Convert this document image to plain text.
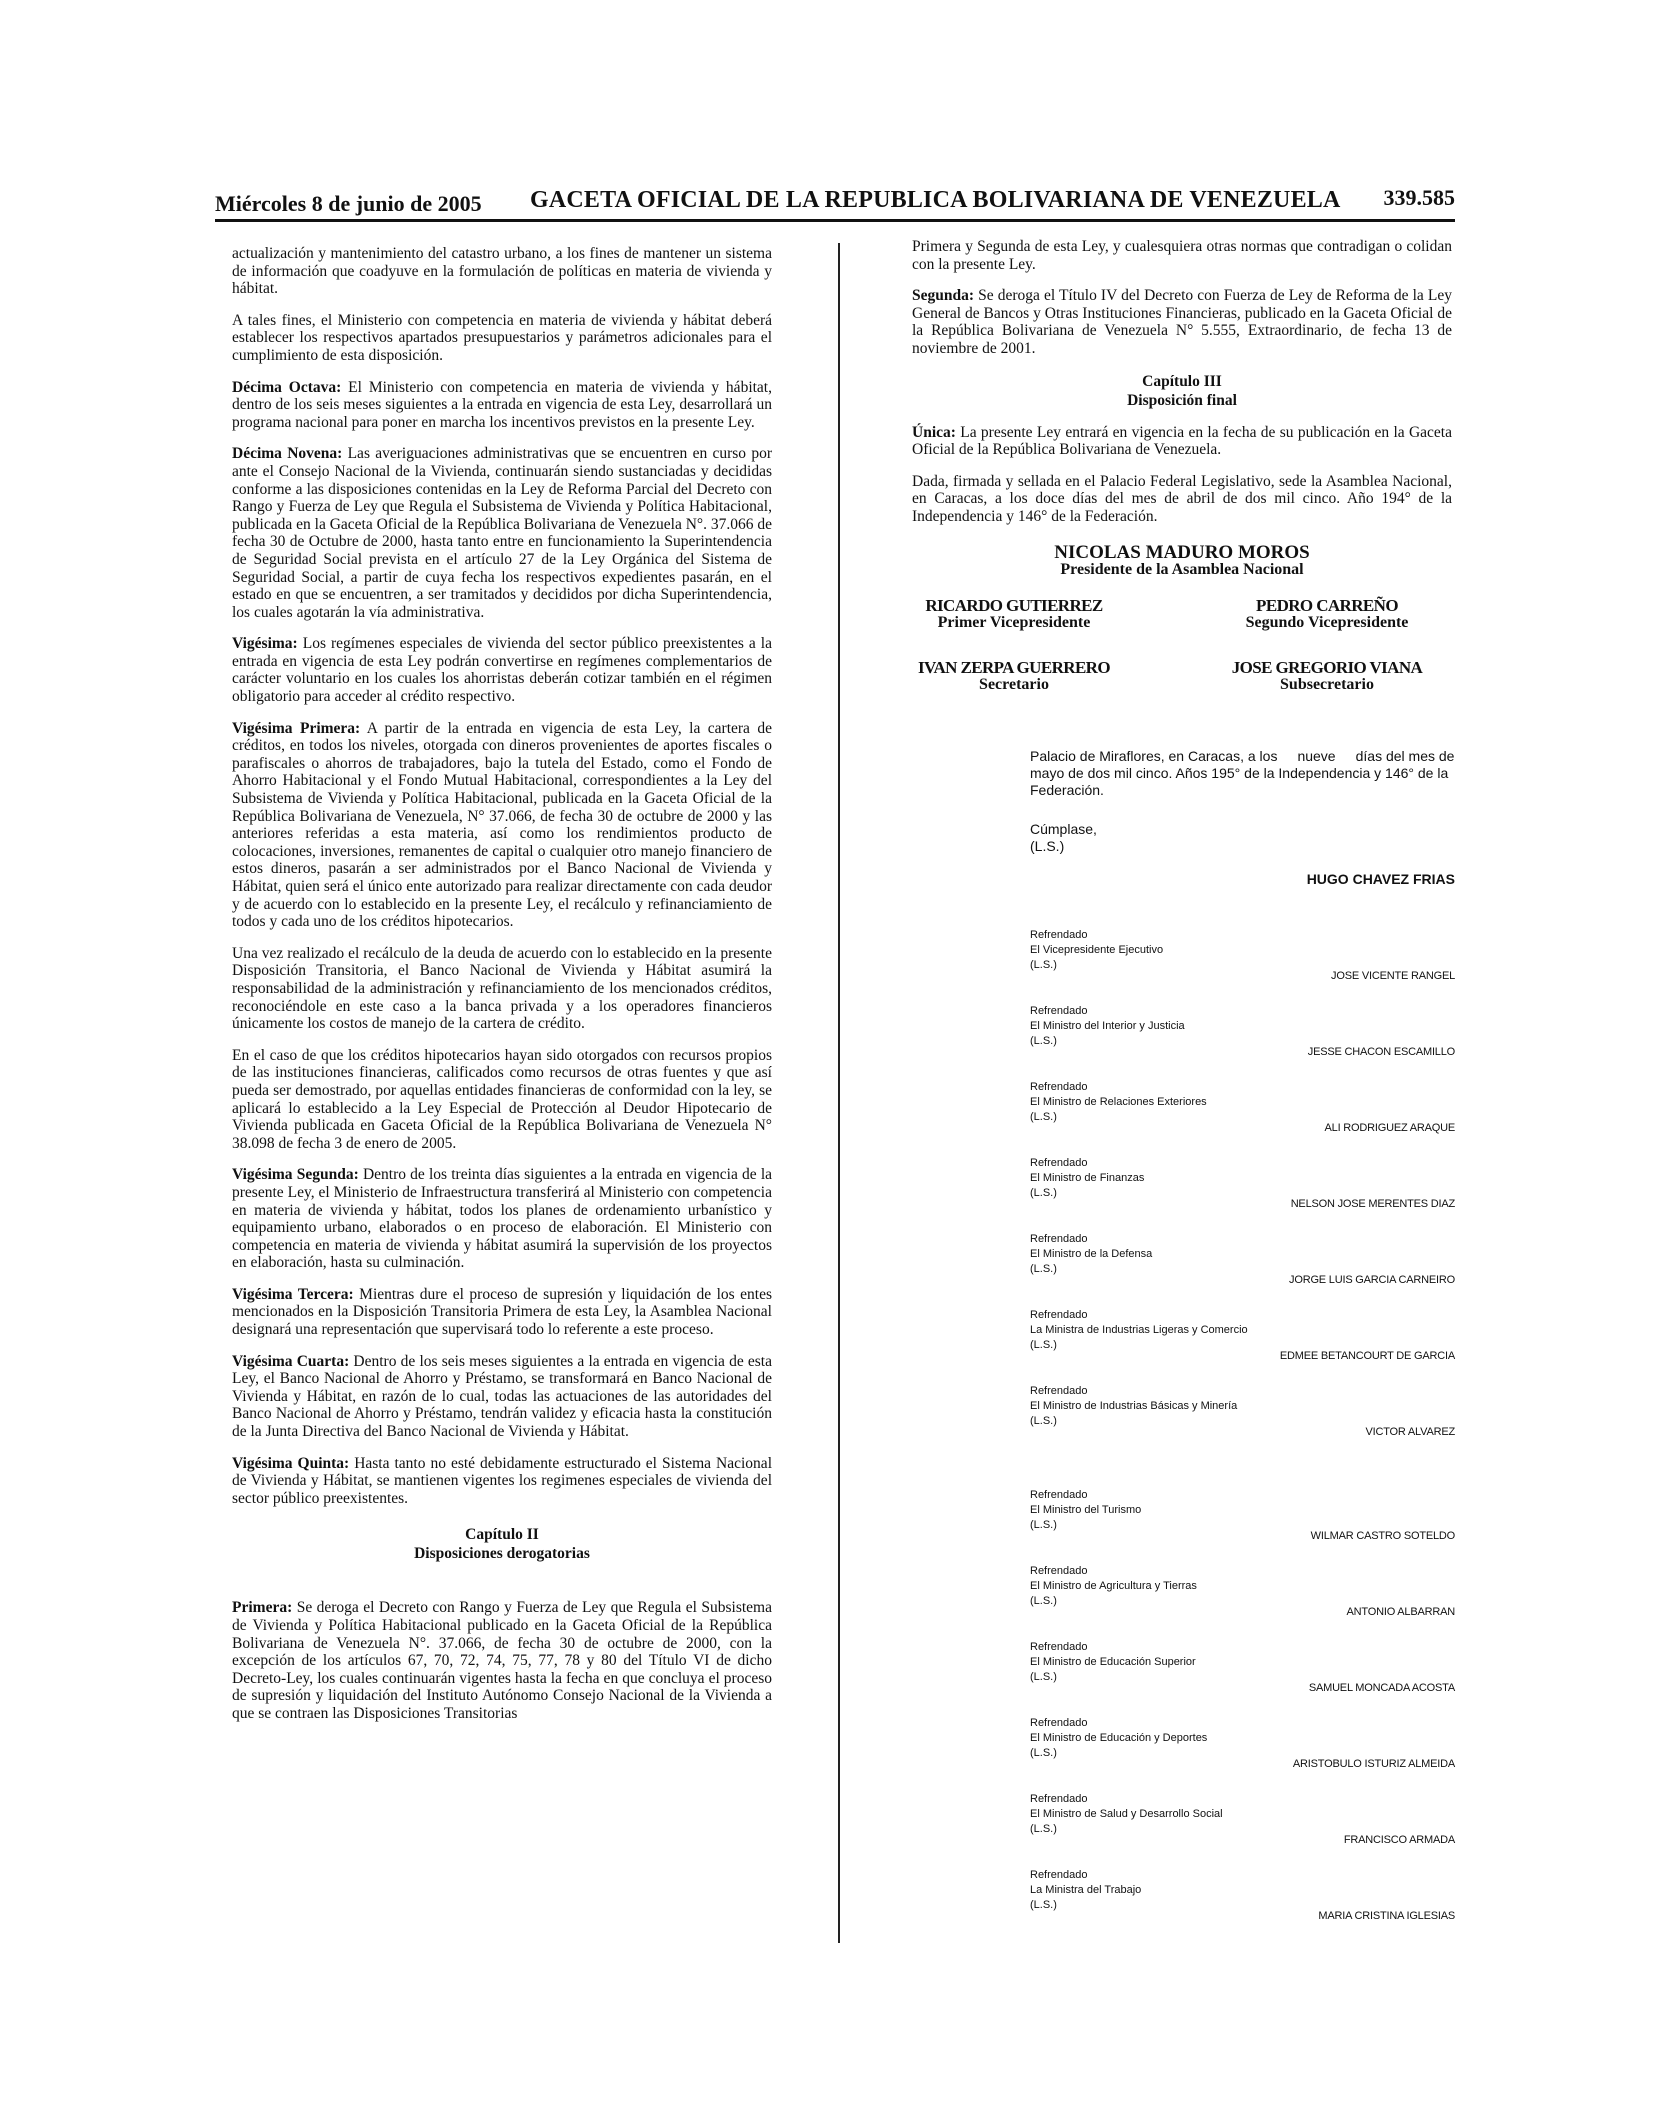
Miércoles 8 de junio de 2005 GACETA OFICIAL DE LA REPUBLICA BOLIVARIANA DE VENEZUELA 339.585

actualización y mantenimiento del catastro urbano, a los fines de mantener un sistema de información que coadyuve en la formulación de políticas en materia de vivienda y hábitat.

A tales fines, el Ministerio con competencia en materia de vivienda y hábitat deberá establecer los respectivos apartados presupuestarios y parámetros adicionales para el cumplimiento de esta disposición.

Décima Octava: El Ministerio con competencia en materia de vivienda y hábitat, dentro de los seis meses siguientes a la entrada en vigencia de esta Ley, desarrollará un programa nacional para poner en marcha los incentivos previstos en la presente Ley.

Décima Novena: Las averiguaciones administrativas que se encuentren en curso por ante el Consejo Nacional de la Vivienda, continuarán siendo sustanciadas y decididas conforme a las disposiciones contenidas en la Ley de Reforma Parcial del Decreto con Rango y Fuerza de Ley que Regula el Subsistema de Vivienda y Política Habitacional, publicada en la Gaceta Oficial de la República Bolivariana de Venezuela N°. 37.066 de fecha 30 de Octubre de 2000, hasta tanto entre en funcionamiento la Superintendencia de Seguridad Social prevista en el artículo 27 de la Ley Orgánica del Sistema de Seguridad Social, a partir de cuya fecha los respectivos expedientes pasarán, en el estado en que se encuentren, a ser tramitados y decididos por dicha Superintendencia, los cuales agotarán la vía administrativa.

Vigésima: Los regímenes especiales de vivienda del sector público preexistentes a la entrada en vigencia de esta Ley podrán convertirse en regímenes complementarios de carácter voluntario en los cuales los ahorristas deberán cotizar también en el régimen obligatorio para acceder al crédito respectivo.

Vigésima Primera: A partir de la entrada en vigencia de esta Ley, la cartera de créditos, en todos los niveles, otorgada con dineros provenientes de aportes fiscales o parafiscales o ahorros de trabajadores, bajo la tutela del Estado, como el Fondo de Ahorro Habitacional y el Fondo Mutual Habitacional, correspondientes a la Ley del Subsistema de Vivienda y Política Habitacional, publicada en la Gaceta Oficial de la República Bolivariana de Venezuela, N° 37.066, de fecha 30 de octubre de 2000 y las anteriores referidas a esta materia, así como los rendimientos producto de colocaciones, inversiones, remanentes de capital o cualquier otro manejo financiero de estos dineros, pasarán a ser administrados por el Banco Nacional de Vivienda y Hábitat, quien será el único ente autorizado para realizar directamente con cada deudor y de acuerdo con lo establecido en la presente Ley, el recálculo y refinanciamiento de todos y cada uno de los créditos hipotecarios.

Una vez realizado el recálculo de la deuda de acuerdo con lo establecido en la presente Disposición Transitoria, el Banco Nacional de Vivienda y Hábitat asumirá la responsabilidad de la administración y refinanciamiento de los mencionados créditos, reconociéndole en este caso a la banca privada y a los operadores financieros únicamente los costos de manejo de la cartera de crédito.

En el caso de que los créditos hipotecarios hayan sido otorgados con recursos propios de las instituciones financieras, calificados como recursos de otras fuentes y que así pueda ser demostrado, por aquellas entidades financieras de conformidad con la ley, se aplicará lo establecido a la Ley Especial de Protección al Deudor Hipotecario de Vivienda publicada en Gaceta Oficial de la República Bolivariana de Venezuela N° 38.098 de fecha 3 de enero de 2005.

Vigésima Segunda: Dentro de los treinta días siguientes a la entrada en vigencia de la presente Ley, el Ministerio de Infraestructura transferirá al Ministerio con competencia en materia de vivienda y hábitat, todos los planes de ordenamiento urbanístico y equipamiento urbano, elaborados o en proceso de elaboración. El Ministerio con competencia en materia de vivienda y hábitat asumirá la supervisión de los proyectos en elaboración, hasta su culminación.

Vigésima Tercera: Mientras dure el proceso de supresión y liquidación de los entes mencionados en la Disposición Transitoria Primera de esta Ley, la Asamblea Nacional designará una representación que supervisará todo lo referente a este proceso.

Vigésima Cuarta: Dentro de los seis meses siguientes a la entrada en vigencia de esta Ley, el Banco Nacional de Ahorro y Préstamo, se transformará en Banco Nacional de Vivienda y Hábitat, en razón de lo cual, todas las actuaciones de las autoridades del Banco Nacional de Ahorro y Préstamo, tendrán validez y eficacia hasta la constitución de la Junta Directiva del Banco Nacional de Vivienda y Hábitat.

Vigésima Quinta: Hasta tanto no esté debidamente estructurado el Sistema Nacional de Vivienda y Hábitat, se mantienen vigentes los regimenes especiales de vivienda del sector público preexistentes.

Capítulo II

Disposiciones derogatorias

Primera: Se deroga el Decreto con Rango y Fuerza de Ley que Regula el Subsistema de Vivienda y Política Habitacional publicado en la Gaceta Oficial de la República Bolivariana de Venezuela N°. 37.066, de fecha 30 de octubre de 2000, con la excepción de los artículos 67, 70, 72, 74, 75, 77, 78 y 80 del Título VI de dicho Decreto-Ley, los cuales continuarán vigentes hasta la fecha en que concluya el proceso de supresión y liquidación del Instituto Autónomo Consejo Nacional de la Vivienda a que se contraen las Disposiciones Transitorias

Primera y Segunda de esta Ley, y cualesquiera otras normas que contradigan o colidan con la presente Ley.

Segunda: Se deroga el Título IV del Decreto con Fuerza de Ley de Reforma de la Ley General de Bancos y Otras Instituciones Financieras, publicado en la Gaceta Oficial de la República Bolivariana de Venezuela N° 5.555, Extraordinario, de fecha 13 de noviembre de 2001.

Capítulo III

Disposición final

Única: La presente Ley entrará en vigencia en la fecha de su publicación en la Gaceta Oficial de la República Bolivariana de Venezuela.

Dada, firmada y sellada en el Palacio Federal Legislativo, sede la Asamblea Nacional, en Caracas, a los doce días del mes de abril de dos mil cinco. Año 194° de la Independencia y 146° de la Federación.

NICOLAS MADURO MOROS
Presidente de la Asamblea Nacional
RICARDO GUTIERREZ
Primer Vicepresidente
PEDRO CARREÑO
Segundo Vicepresidente
IVAN ZERPA GUERRERO
Secretario
JOSE GREGORIO VIANA
Subsecretario

Palacio de Miraflores, en Caracas, a los nueve días del mes de mayo de dos mil cinco. Años 195° de la Independencia y 146° de la Federación.

Cúmplase,
(L.S.)
HUGO CHAVEZ FRIAS
Refrendado
El Vicepresidente Ejecutivo
(L.S.)
JOSE VICENTE RANGEL
Refrendado
El Ministro del Interior y Justicia
(L.S.)
JESSE CHACON ESCAMILLO
Refrendado
El Ministro de Relaciones Exteriores
(L.S.)
ALI RODRIGUEZ ARAQUE
Refrendado
El Ministro de Finanzas
(L.S.)
NELSON JOSE MERENTES DIAZ
Refrendado
El Ministro de la Defensa
(L.S.)
JORGE LUIS GARCIA CARNEIRO
Refrendado
La Ministra de Industrias Ligeras y Comercio
(L.S.)
EDMEE BETANCOURT DE GARCIA
Refrendado
El Ministro de Industrias Básicas y Minería
(L.S.)
VICTOR ALVAREZ
Refrendado
El Ministro del Turismo
(L.S.)
WILMAR CASTRO SOTELDO
Refrendado
El Ministro de Agricultura y Tierras
(L.S.)
ANTONIO ALBARRAN
Refrendado
El Ministro de Educación Superior
(L.S.)
SAMUEL MONCADA ACOSTA
Refrendado
El Ministro de Educación y Deportes
(L.S.)
ARISTOBULO ISTURIZ ALMEIDA
Refrendado
El Ministro de Salud y Desarrollo Social
(L.S.)
FRANCISCO ARMADA
Refrendado
La Ministra del Trabajo
(L.S.)
MARIA CRISTINA IGLESIAS
